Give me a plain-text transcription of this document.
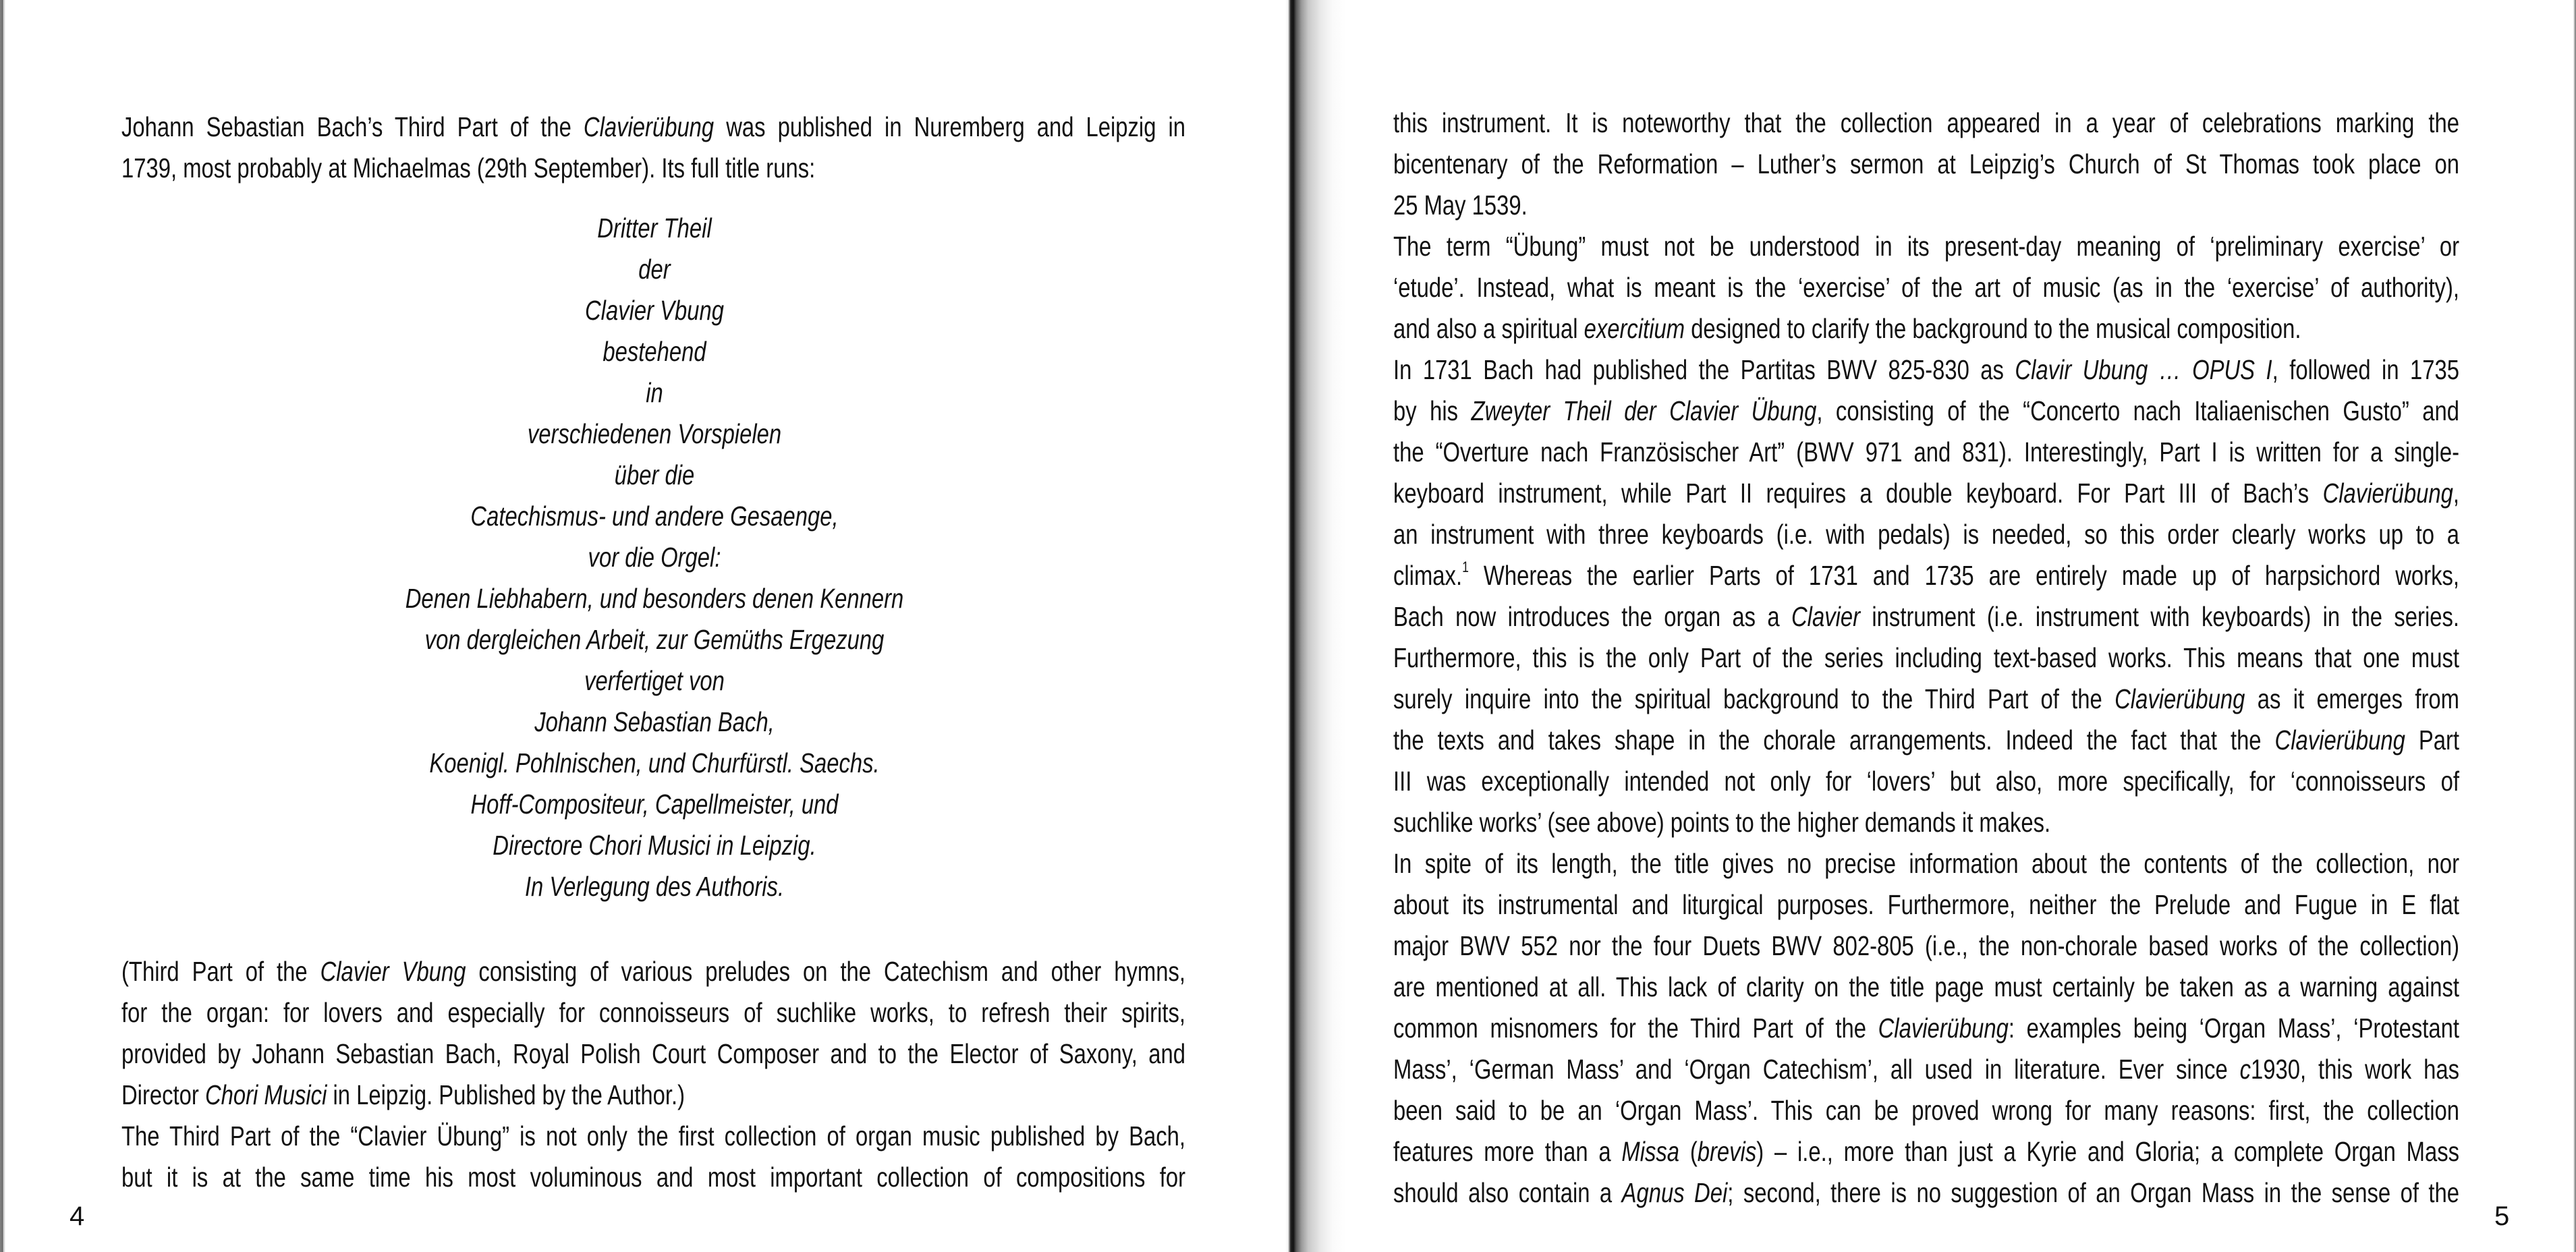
Johann Sebastian Bach’s Third Part of the Clavierübung was published in Nuremberg and Leipzig in
1739, most probably at Michaelmas (29th September). Its full title runs:
Dritter Theil
der
Clavier Vbung
bestehend
in
verschiedenen Vorspielen
über die
Catechismus- und andere Gesaenge,
vor die Orgel:
Denen Liebhabern, und besonders denen Kennern
von dergleichen Arbeit, zur Gemüths Ergezung
verfertiget von
Johann Sebastian Bach,
Koenigl. Pohlnischen, und Churfürstl. Saechs.
Hoff-Compositeur, Capellmeister, und
Directore Chori Musici in Leipzig.
In Verlegung des Authoris.
(Third Part of the Clavier Vbung consisting of various preludes on the Catechism and other hymns,
for the organ: for lovers and especially for connoisseurs of suchlike works, to refresh their spirits,
provided by Johann Sebastian Bach, Royal Polish Court Composer and to the Elector of Saxony, and
Director Chori Musici in Leipzig. Published by the Author.)
The Third Part of the “Clavier Übung” is not only the first collection of organ music published by Bach,
but it is at the same time his most voluminous and most important collection of compositions for
4
this instrument. It is noteworthy that the collection appeared in a year of celebrations marking the
bicentenary of the Reformation – Luther’s sermon at Leipzig’s Church of St Thomas took place on
25 May 1539.
The term “Übung” must not be understood in its present-day meaning of ‘preliminary exercise’ or
‘etude’. Instead, what is meant is the ‘exercise’ of the art of music (as in the ‘exercise’ of authority),
and also a spiritual exercitium designed to clarify the background to the musical composition.
In 1731 Bach had published the Partitas BWV 825-830 as Clavir Ubung … OPUS I, followed in 1735
by his Zweyter Theil der Clavier Übung, consisting of the “Concerto nach Italiaenischen Gusto” and
the “Overture nach Französischer Art” (BWV 971 and 831). Interestingly, Part I is written for a single-
keyboard instrument, while Part II requires a double keyboard. For Part III of Bach’s Clavierübung,
an instrument with three keyboards (i.e. with pedals) is needed, so this order clearly works up to a
climax.$^1$ Whereas the earlier Parts of 1731 and 1735 are entirely made up of harpsichord works,
Bach now introduces the organ as a Clavier instrument (i.e. instrument with keyboards) in the series.
Furthermore, this is the only Part of the series including text-based works. This means that one must
surely inquire into the spiritual background to the Third Part of the Clavierübung as it emerges from
the texts and takes shape in the chorale arrangements. Indeed the fact that the Clavierübung Part
III was exceptionally intended not only for ‘lovers’ but also, more specifically, for ‘connoisseurs of
suchlike works’ (see above) points to the higher demands it makes.
In spite of its length, the title gives no precise information about the contents of the collection, nor
about its instrumental and liturgical purposes. Furthermore, neither the Prelude and Fugue in E flat
major BWV 552 nor the four Duets BWV 802-805 (i.e., the non-chorale based works of the collection)
are mentioned at all. This lack of clarity on the title page must certainly be taken as a warning against
common misnomers for the Third Part of the Clavierübung: examples being ‘Organ Mass’, ‘Protestant
Mass’, ‘German Mass’ and ‘Organ Catechism’, all used in literature. Ever since c1930, this work has
been said to be an ‘Organ Mass’. This can be proved wrong for many reasons: first, the collection
features more than a Missa (brevis) – i.e., more than just a Kyrie and Gloria; a complete Organ Mass
should also contain a Agnus Dei; second, there is no suggestion of an Organ Mass in the sense of the
5
